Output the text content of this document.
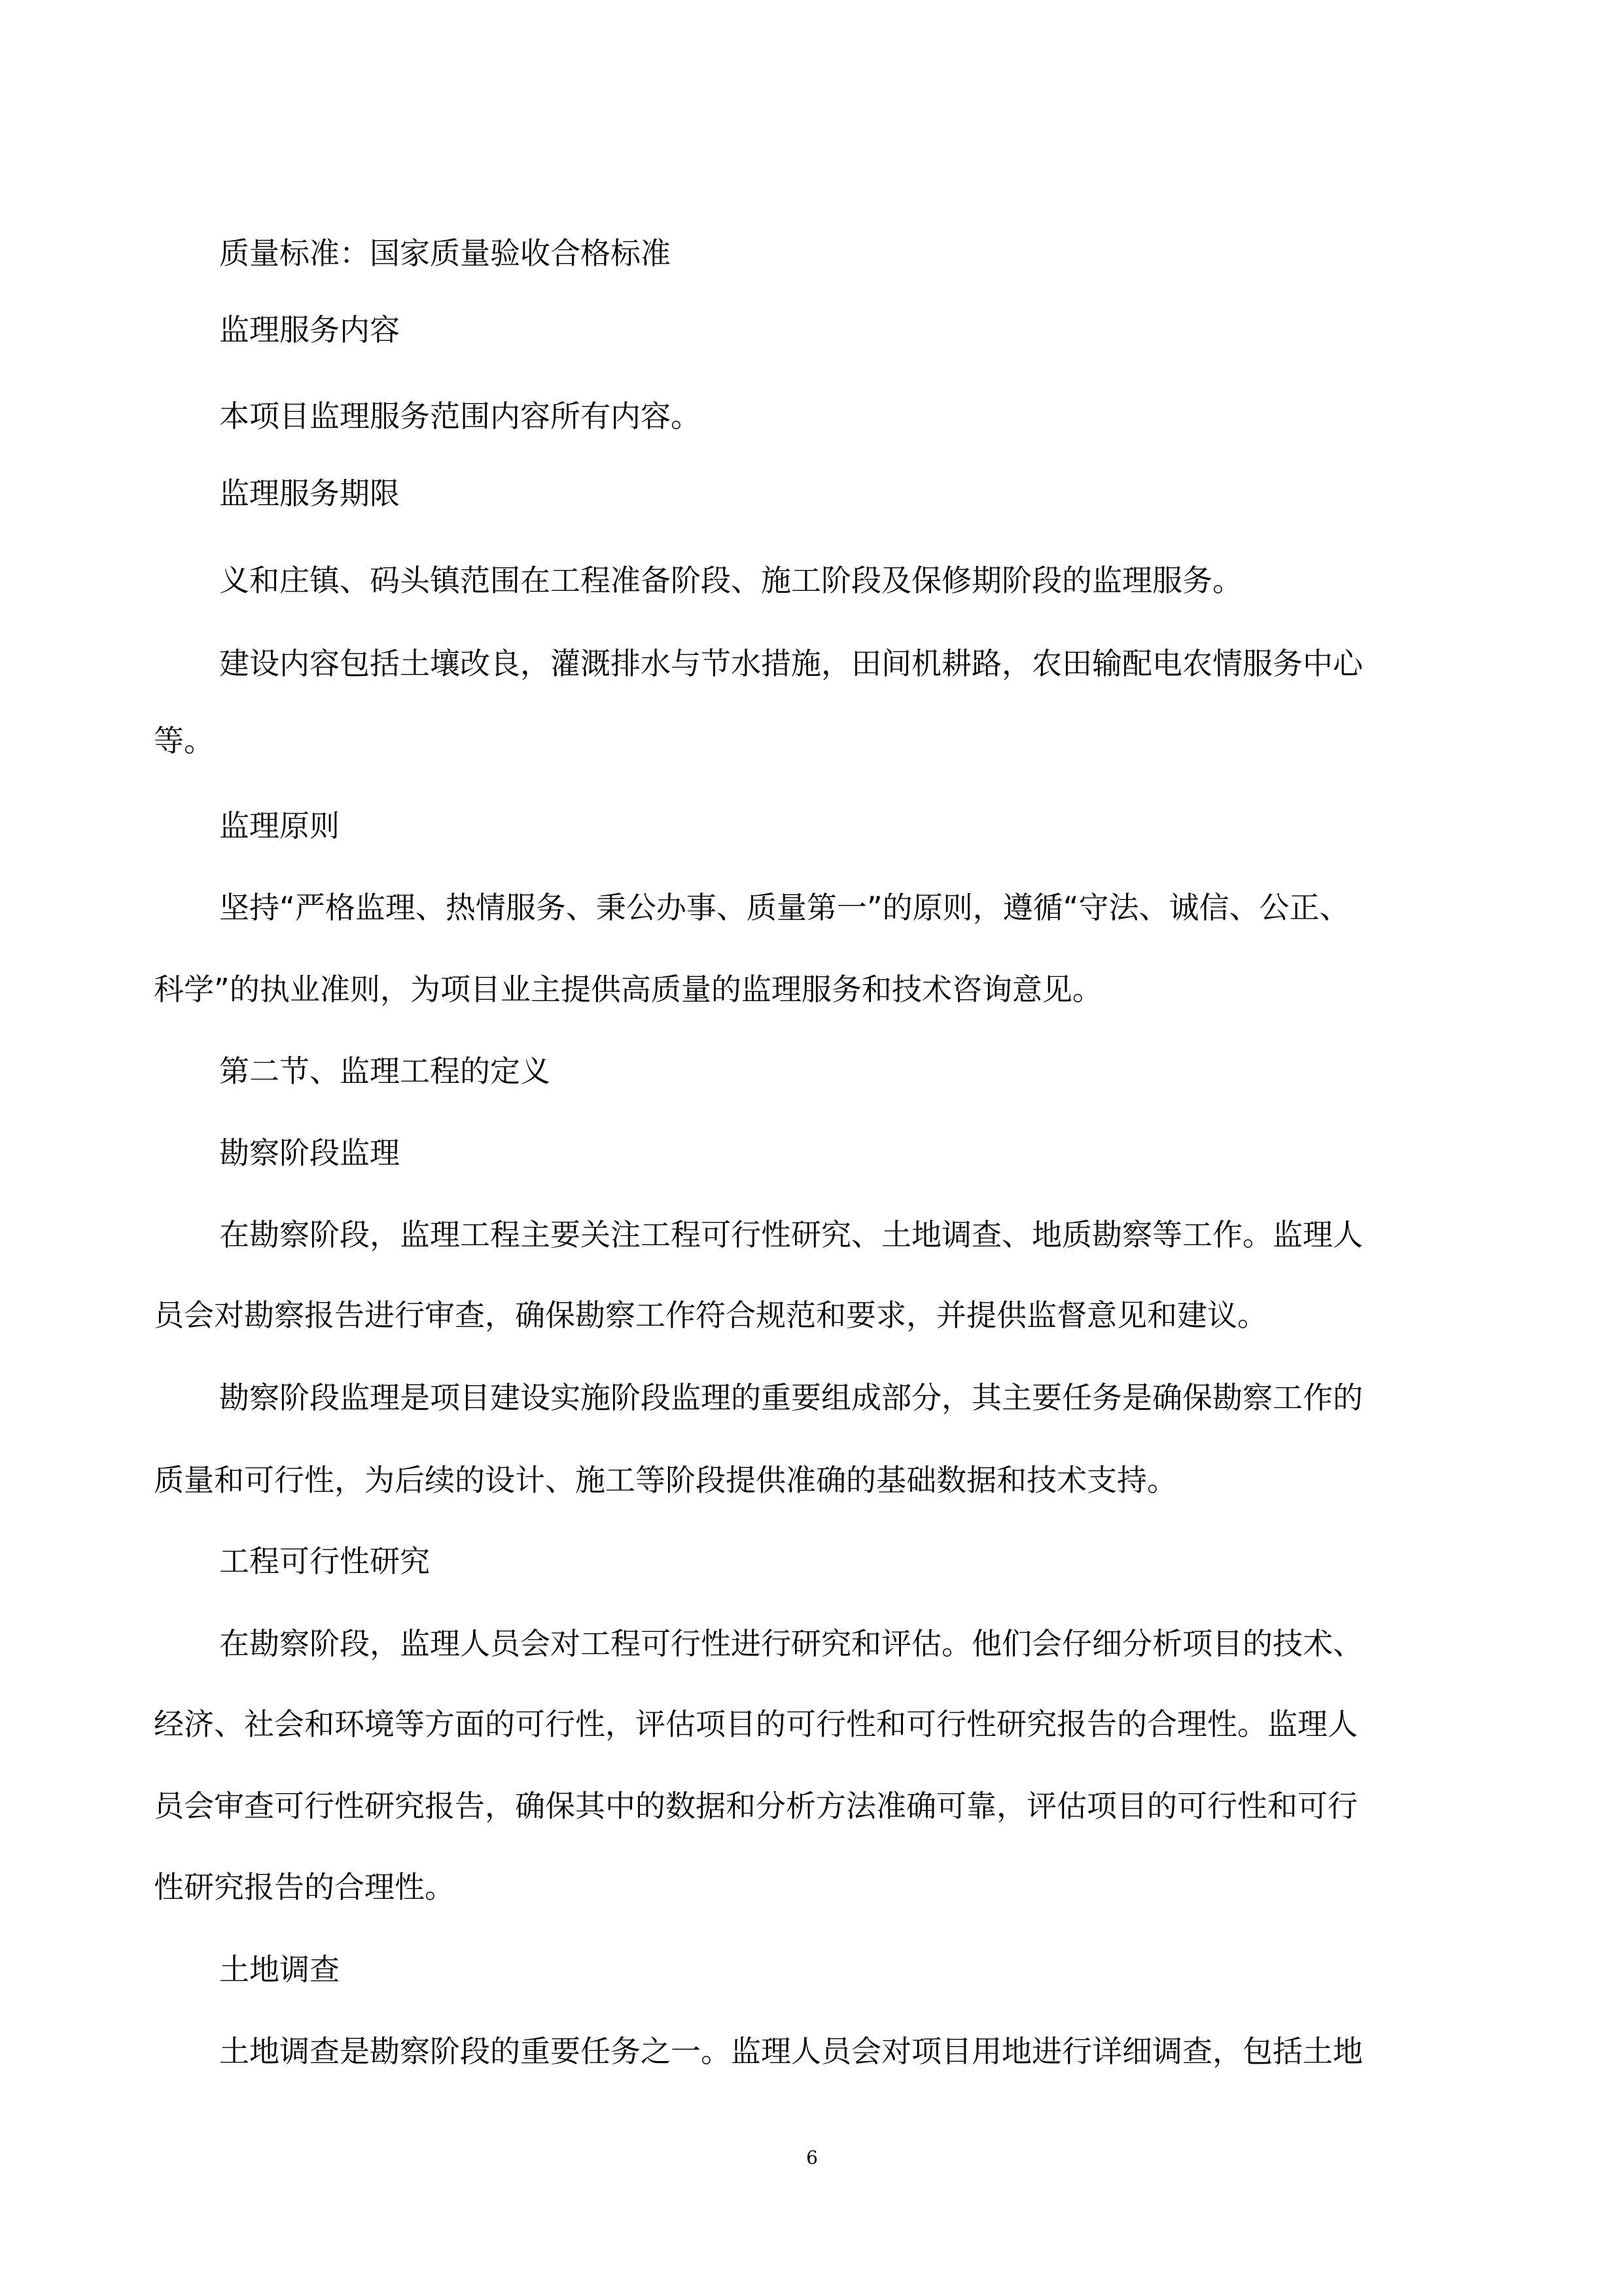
质量标准：国家质量验收合格标准
监理服务内容
本项目监理服务范围内容所有内容。
监理服务期限
义和庄镇、码头镇范围在工程准备阶段、施工阶段及保修期阶段的监理服务。
建设内容包括土壤改良，灌溉排水与节水措施，田间机耕路，农田输配电农情服务中心
等。
监理原则
坚持“严格监理、热情服务、秉公办事、质量第一”的原则，遵循“守法、诚信、公正、
科学”的执业准则，为项目业主提供高质量的监理服务和技术咨询意见。
第二节、监理工程的定义
勘察阶段监理
在勘察阶段，监理工程主要关注工程可行性研究、土地调查、地质勘察等工作。监理人
员会对勘察报告进行审查，确保勘察工作符合规范和要求，并提供监督意见和建议。
勘察阶段监理是项目建设实施阶段监理的重要组成部分，其主要任务是确保勘察工作的
质量和可行性，为后续的设计、施工等阶段提供准确的基础数据和技术支持。
工程可行性研究
在勘察阶段，监理人员会对工程可行性进行研究和评估。他们会仔细分析项目的技术、
经济、社会和环境等方面的可行性，评估项目的可行性和可行性研究报告的合理性。监理人
员会审查可行性研究报告，确保其中的数据和分析方法准确可靠，评估项目的可行性和可行
性研究报告的合理性。
土地调查
土地调查是勘察阶段的重要任务之一。监理人员会对项目用地进行详细调查，包括土地
6
